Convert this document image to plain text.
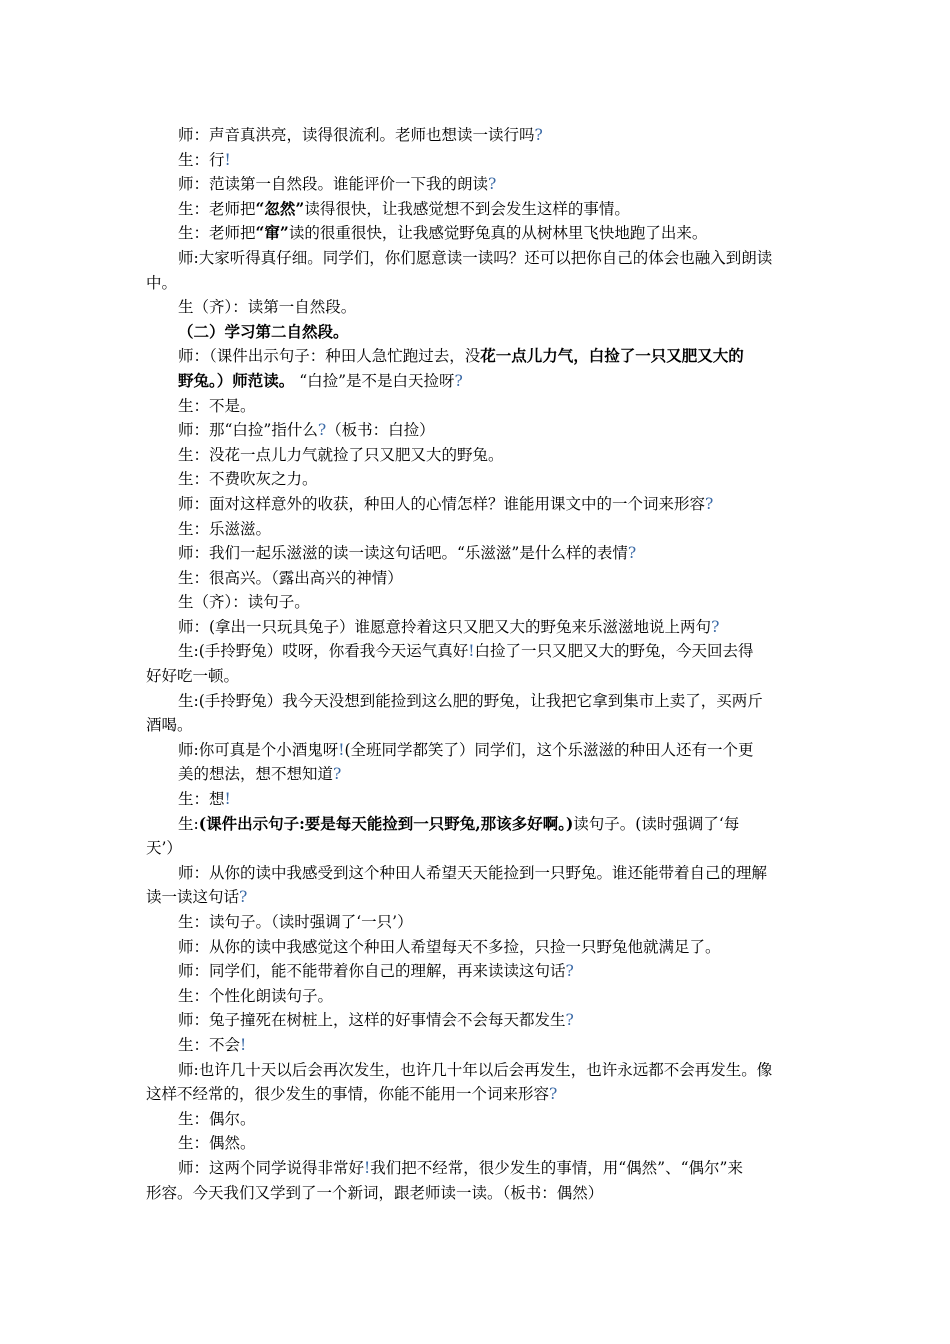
师：声音真洪亮，读得很流利。老师也想读一读行吗?
生：行!
师：范读第一自然段。谁能评价一下我的朗读?
生：老师把“忽然”读得很快，让我感觉想不到会发生这样的事情。
生：老师把“窜”读的很重很快，让我感觉野兔真的从树林里飞快地跑了出来。
师:大家听得真仔细。同学们，你们愿意读一读吗？还可以把你自己的体会也融入到朗读
中。
生（齐）：读第一自然段。
（二）学习第二自然段。
师：（课件出示句子：种田人急忙跑过去，没花一点儿力气，白捡了一只又肥又大的
野兔。）师范读。 “白捡”是不是白天捡呀?
生：不是。
师：那“白捡”指什么?（板书：白捡）
生：没花一点儿力气就捡了只又肥又大的野兔。
生：不费吹灰之力。
师：面对这样意外的收获，种田人的心情怎样？谁能用课文中的一个词来形容?
生：乐滋滋。
师：我们一起乐滋滋的读一读这句话吧。“乐滋滋”是什么样的表情?
生：很高兴。（露出高兴的神情）
生（齐）：读句子。
师：(拿出一只玩具兔子）谁愿意拎着这只又肥又大的野兔来乐滋滋地说上两句?
生:(手拎野兔）哎呀，你看我今天运气真好!白捡了一只又肥又大的野兔，今天回去得
好好吃一顿。
生:(手拎野兔）我今天没想到能捡到这么肥的野兔，让我把它拿到集市上卖了，买两斤
酒喝。
师:你可真是个小酒鬼呀!(全班同学都笑了）同学们，这个乐滋滋的种田人还有一个更
美的想法，想不想知道?
生：想!
生:(课件出示句子:要是每天能捡到一只野兔,那该多好啊。)读句子。(读时强调了‘每
天’）
师：从你的读中我感受到这个种田人希望天天能捡到一只野兔。谁还能带着自己的理解
读一读这句话?
生：读句子。（读时强调了‘一只’）
师：从你的读中我感觉这个种田人希望每天不多捡，只捡一只野兔他就满足了。
师：同学们，能不能带着你自己的理解，再来读读这句话?
生：个性化朗读句子。
师：兔子撞死在树桩上，这样的好事情会不会每天都发生?
生：不会!
师:也许几十天以后会再次发生，也许几十年以后会再发生，也许永远都不会再发生。像
这样不经常的，很少发生的事情，你能不能用一个词来形容?
生：偶尔。
生：偶然。
师：这两个同学说得非常好!我们把不经常，很少发生的事情，用“偶然”、“偶尔”来
形容。今天我们又学到了一个新词，跟老师读一读。（板书：偶然）
